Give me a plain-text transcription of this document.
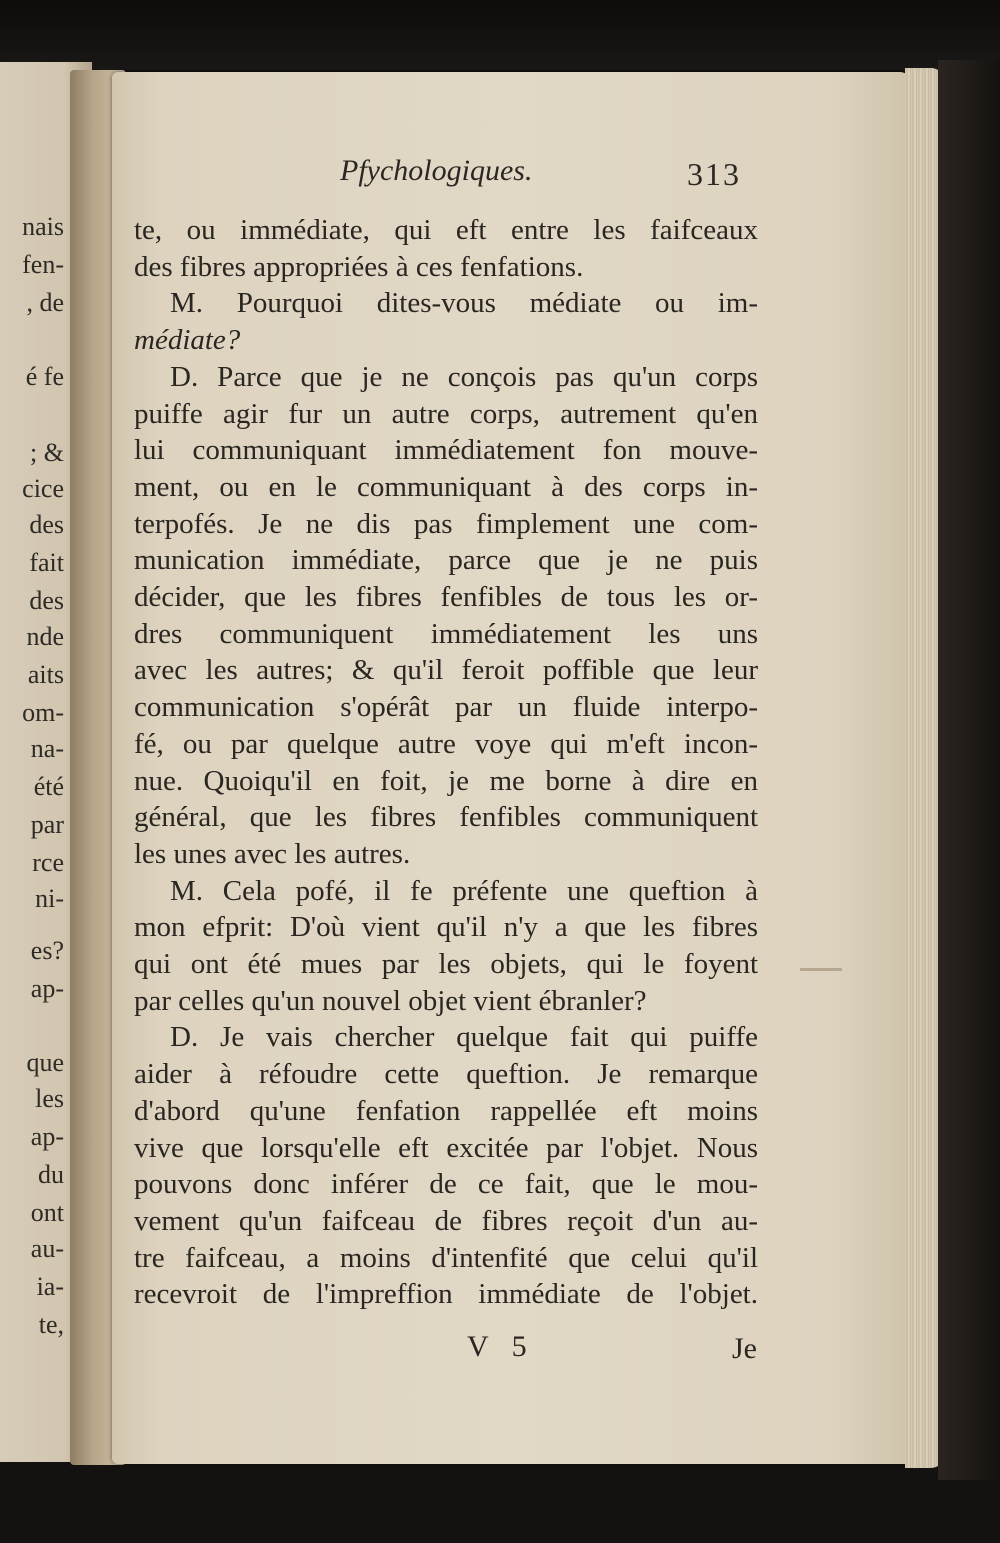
nais
fen-
, de
é fe
; &
cice
des
fait
des
nde
aits
om-
na-
été
par
rce
ni-
es?
ap-
que
les
ap-
du
ont
au-
ia-
te,
Pfychologiques.	313
te, ou immédiate, qui eft entre les faifceaux
des fibres appropriées à ces fenfations.
M. Pourquoi dites-vous médiate ou im-
médiate?
D. Parce que je ne conçois pas qu'un corps
puiffe agir fur un autre corps, autrement qu'en
lui communiquant immédiatement fon mouve-
ment, ou en le communiquant à des corps in-
terpofés. Je ne dis pas fimplement une com-
munication immédiate, parce que je ne puis
décider, que les fibres fenfibles de tous les or-
dres communiquent immédiatement les uns
avec les autres; & qu'il feroit poffible que leur
communication s'opérât par un fluide interpo-
fé, ou par quelque autre voye qui m'eft incon-
nue. Quoiqu'il en foit, je me borne à dire en
général, que les fibres fenfibles communiquent
les unes avec les autres.
M. Cela pofé, il fe préfente une queftion à
mon efprit: D'où vient qu'il n'y a que les fibres
qui ont été mues par les objets, qui le foyent
par celles qu'un nouvel objet vient ébranler?
D. Je vais chercher quelque fait qui puiffe
aider à réfoudre cette queftion. Je remarque
d'abord qu'une fenfation rappellée eft moins
vive que lorsqu'elle eft excitée par l'objet. Nous
pouvons donc inférer de ce fait, que le mou-
vement qu'un faifceau de fibres reçoit d'un au-
tre faifceau, a moins d'intenfité que celui qu'il
recevroit de l'impreffion immédiate de l'objet.
V 5	Je
